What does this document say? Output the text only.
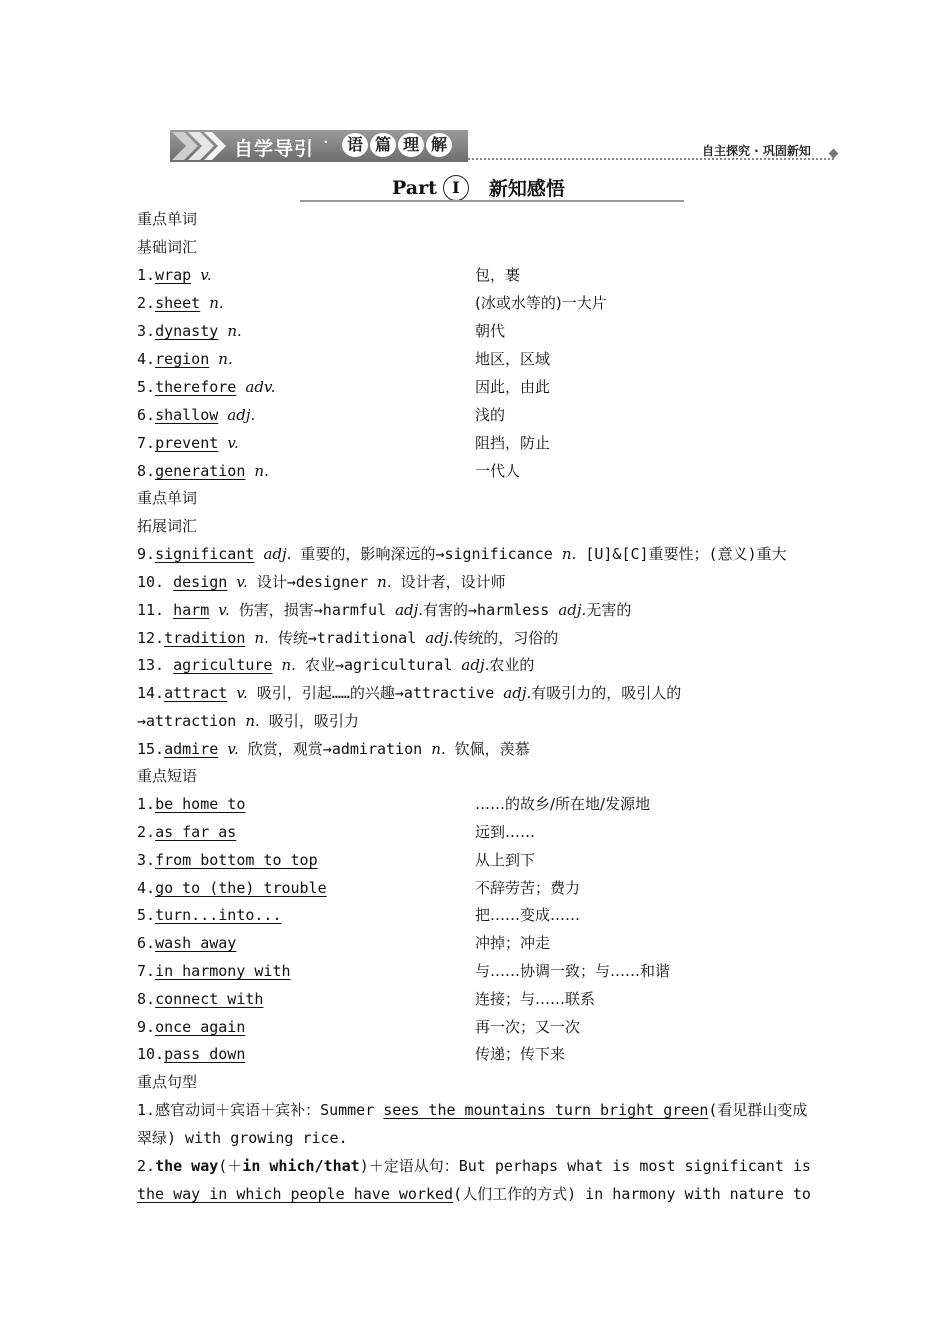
自学导引 ·	语 篇 理 解	自主探究 · 巩固新知
Part Ⅰ	新知感悟
重点单词
基础词汇
1.wrap v.	包，裹
2.sheet n.	(冰或水等的)一大片
3.dynasty n.	朝代
4.region n.	地区，区域
5.therefore adv.	因此，由此
6.shallow adj.	浅的
7.prevent v.	阻挡，防止
8.generation n.	一代人
重点单词
拓展词汇
9.significant adj. 重要的，影响深远的→significance n. [U]&[C]重要性；(意义)重大
10. design v. 设计→designer n. 设计者，设计师
11. harm v. 伤害，损害→harmful adj.有害的→harmless adj.无害的
12.tradition n. 传统→traditional adj.传统的，习俗的
13. agriculture n. 农业→agricultural adj.农业的
14.attract v. 吸引，引起……的兴趣→attractive adj.有吸引力的，吸引人的
→attraction n. 吸引，吸引力
15.admire v. 欣赏，观赏→admiration n. 钦佩，羡慕
重点短语
1.be home to	……的故乡/所在地/发源地
2.as far as	远到……
3.from bottom to top	从上到下
4.go to (the) trouble	不辞劳苦；费力
5.turn...into...	把……变成……
6.wash away	冲掉；冲走
7.in harmony with	与……协调一致；与……和谐
8.connect with	连接；与……联系
9.once again	再一次；又一次
10.pass down	传递；传下来
重点句型
1.感官动词＋宾语＋宾补：Summer sees the mountains turn bright green(看见群山变成
翠绿) with growing rice.
2.the way(＋in which/that)＋定语从句：But perhaps what is most significant is
the way in which people have worked(人们工作的方式) in harmony with nature to
